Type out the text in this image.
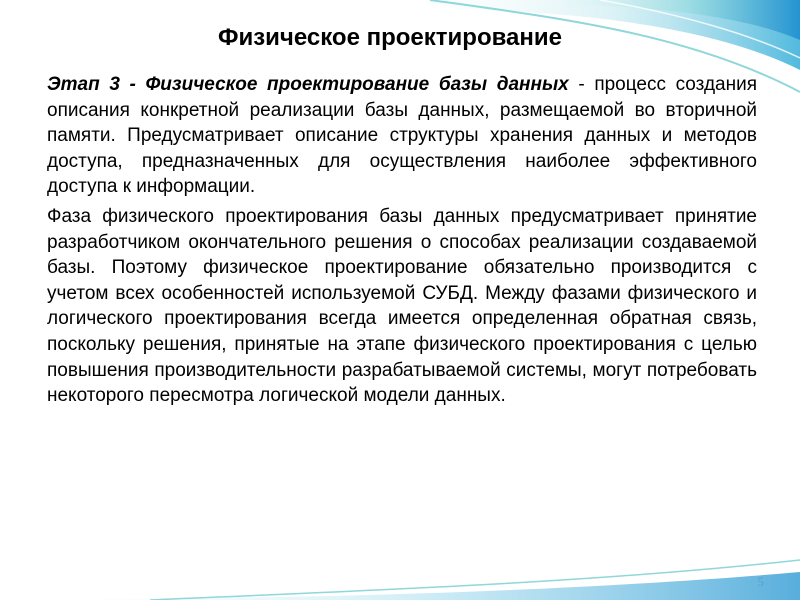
Физическое проектирование

Этап 3 - Физическое проектирование базы данных - процесс создания описания конкретной реализации базы данных, размещаемой во вторичной памяти. Предусматривает описание структуры хранения данных и методов доступа, предназначенных для осуществления наиболее эффективного доступа к информации.

Фаза физического проектирования базы данных предусматривает принятие разработчиком окончательного решения о способах реализации создаваемой базы. Поэтому физическое проектирование обязательно производится с учетом всех особенностей используемой СУБД. Между фазами физического и логического проектирования всегда имеется определенная обратная связь, поскольку решения, принятые на этапе физического проектирования с целью повышения производительности разрабатываемой системы, могут потребовать некоторого пересмотра логической модели данных.

5
